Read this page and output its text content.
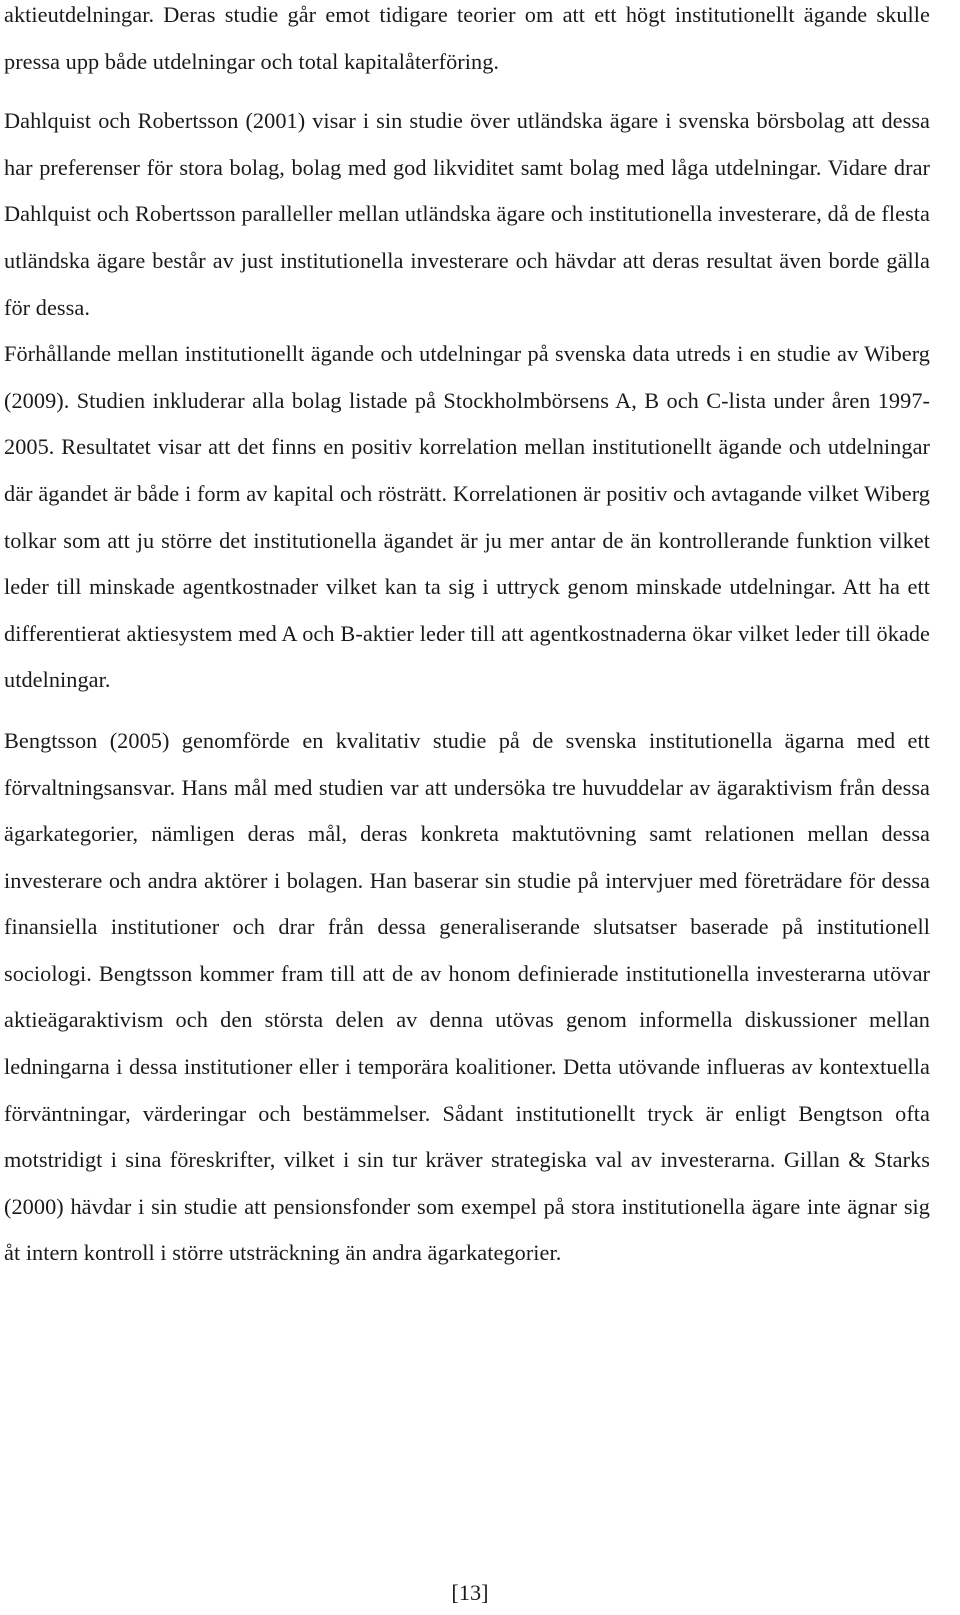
aktieutdelningar. Deras studie går emot tidigare teorier om att ett högt institutionellt ägande skulle pressa upp både utdelningar och total kapitalåterföring.

Dahlquist och Robertsson (2001) visar i sin studie över utländska ägare i svenska börsbolag att dessa har preferenser för stora bolag, bolag med god likviditet samt bolag med låga utdelningar. Vidare drar Dahlquist och Robertsson paralleller mellan utländska ägare och institutionella investerare, då de flesta utländska ägare består av just institutionella investerare och hävdar att deras resultat även borde gälla för dessa.

Förhållande mellan institutionellt ägande och utdelningar på svenska data utreds i en studie av Wiberg (2009). Studien inkluderar alla bolag listade på Stockholmbörsens A, B och C-lista under åren 1997-2005. Resultatet visar att det finns en positiv korrelation mellan institutionellt ägande och utdelningar där ägandet är både i form av kapital och rösträtt. Korrelationen är positiv och avtagande vilket Wiberg tolkar som att ju större det institutionella ägandet är ju mer antar de än kontrollerande funktion vilket leder till minskade agentkostnader vilket kan ta sig i uttryck genom minskade utdelningar. Att ha ett differentierat aktiesystem med A och B-aktier leder till att agentkostnaderna ökar vilket leder till ökade utdelningar.

Bengtsson (2005) genomförde en kvalitativ studie på de svenska institutionella ägarna med ett förvaltningsansvar. Hans mål med studien var att undersöka tre huvuddelar av ägaraktivism från dessa ägarkategorier, nämligen deras mål, deras konkreta maktutövning samt relationen mellan dessa investerare och andra aktörer i bolagen. Han baserar sin studie på intervjuer med företrädare för dessa finansiella institutioner och drar från dessa generaliserande slutsatser baserade på institutionell sociologi. Bengtsson kommer fram till att de av honom definierade institutionella investerarna utövar aktieägaraktivism och den största delen av denna utövas genom informella diskussioner mellan ledningarna i dessa institutioner eller i temporära koalitioner. Detta utövande influeras av kontextuella förväntningar, värderingar och bestämmelser. Sådant institutionellt tryck är enligt Bengtson ofta motstridigt i sina föreskrifter, vilket i sin tur kräver strategiska val av investerarna. Gillan & Starks (2000) hävdar i sin studie att pensionsfonder som exempel på stora institutionella ägare inte ägnar sig åt intern kontroll i större utsträckning än andra ägarkategorier.

[13]
